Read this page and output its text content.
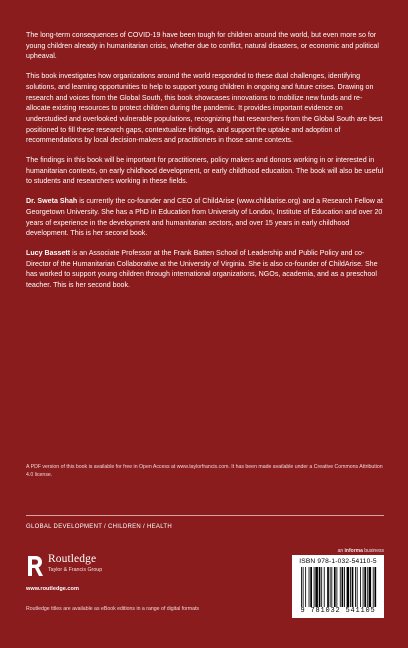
The long-term consequences of COVID-19 have been tough for children around the world, but even more so for young children already in humanitarian crisis, whether due to conflict, natural disasters, or economic and political upheaval.

This book investigates how organizations around the world responded to these dual challenges, identifying solutions, and learning opportunities to help to support young children in ongoing and future crises. Drawing on research and voices from the Global South, this book showcases innovations to mobilize new funds and re-allocate existing resources to protect children during the pandemic. It provides important evidence on understudied and overlooked vulnerable populations, recognizing that researchers from the Global South are best positioned to fill these research gaps, contextualize findings, and support the uptake and adoption of recommendations by local decision-makers and practitioners in those same contexts.

The findings in this book will be important for practitioners, policy makers and donors working in or interested in humanitarian contexts, on early childhood development, or early childhood education. The book will also be useful to students and researchers working in these fields.

Dr. Sweta Shah is currently the co-founder and CEO of ChildArise (www.childarise.org) and a Research Fellow at Georgetown University. She has a PhD in Education from University of London, Institute of Education and over 20 years of experience in the development and humanitarian sectors, and over 15 years in early childhood development. This is her second book.

Lucy Bassett is an Associate Professor at the Frank Batten School of Leadership and Public Policy and co-Director of the Humanitarian Collaborative at the University of Virginia. She is also co-founder of ChildArise. She has worked to support young children through international organizations, NGOs, academia, and as a preschool teacher. This is her second book.

A PDF version of this book is available for free in Open Access at www.taylorfrancis.com. It has been made available under a Creative Commons Attribution 4.0 license.
GLOBAL DEVELOPMENT / CHILDREN / HEALTH
an informa business
Routledge
Taylor & Francis Group
www.routledge.com
Routledge titles are available as eBook editions in a range of digital formats
ISBN 978-1-032-54110-5
9 781032 541105
